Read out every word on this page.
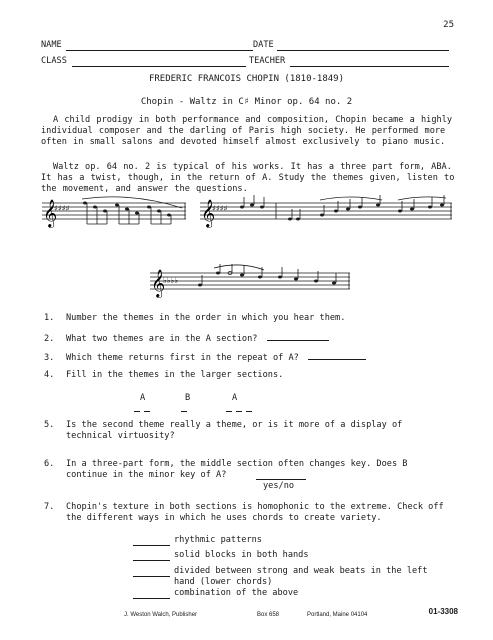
25
NAME	DATE
CLASS	TEACHER
FREDERIC FRANCOIS CHOPIN (1810-1849)
Chopin - Waltz in C♯ Minor op. 64 no. 2
A child prodigy in both performance and composition, Chopin became a highly individual composer and the darling of Paris high society. He performed more often in small salons and devoted himself almost exclusively to piano music.
Waltz op. 64 no. 2 is typical of his works. It has a three part form, ABA. It has a twist, though, in the return of A. Study the themes given, listen to the movement, and answer the questions.
𝄞
♯♯♯♯	𝄞
♯♯♯♯
𝄞
♭♭♭♭
1. Number the themes in the order in which you hear them.
2. What two themes are in the A section?
3. Which theme returns first in the repeat of A?
4. Fill in the themes in the larger sections.
A	B	A
5.	Is the second theme really a theme, or is it more of a display of technical virtuosity?
6.	In a three-part form, the middle section often changes key. Does B continue in the minor key of A?
yes/no
7.	Chopin's texture in both sections is homophonic to the extreme. Check off the different ways in which he uses chords to create variety.
rhythmic patterns
solid blocks in both hands
divided between strong and weak beats in the left
hand (lower chords)
combination of the above
J. Weston Walch, Publisher	Box 658	Portland, Maine 04104	01-3308
